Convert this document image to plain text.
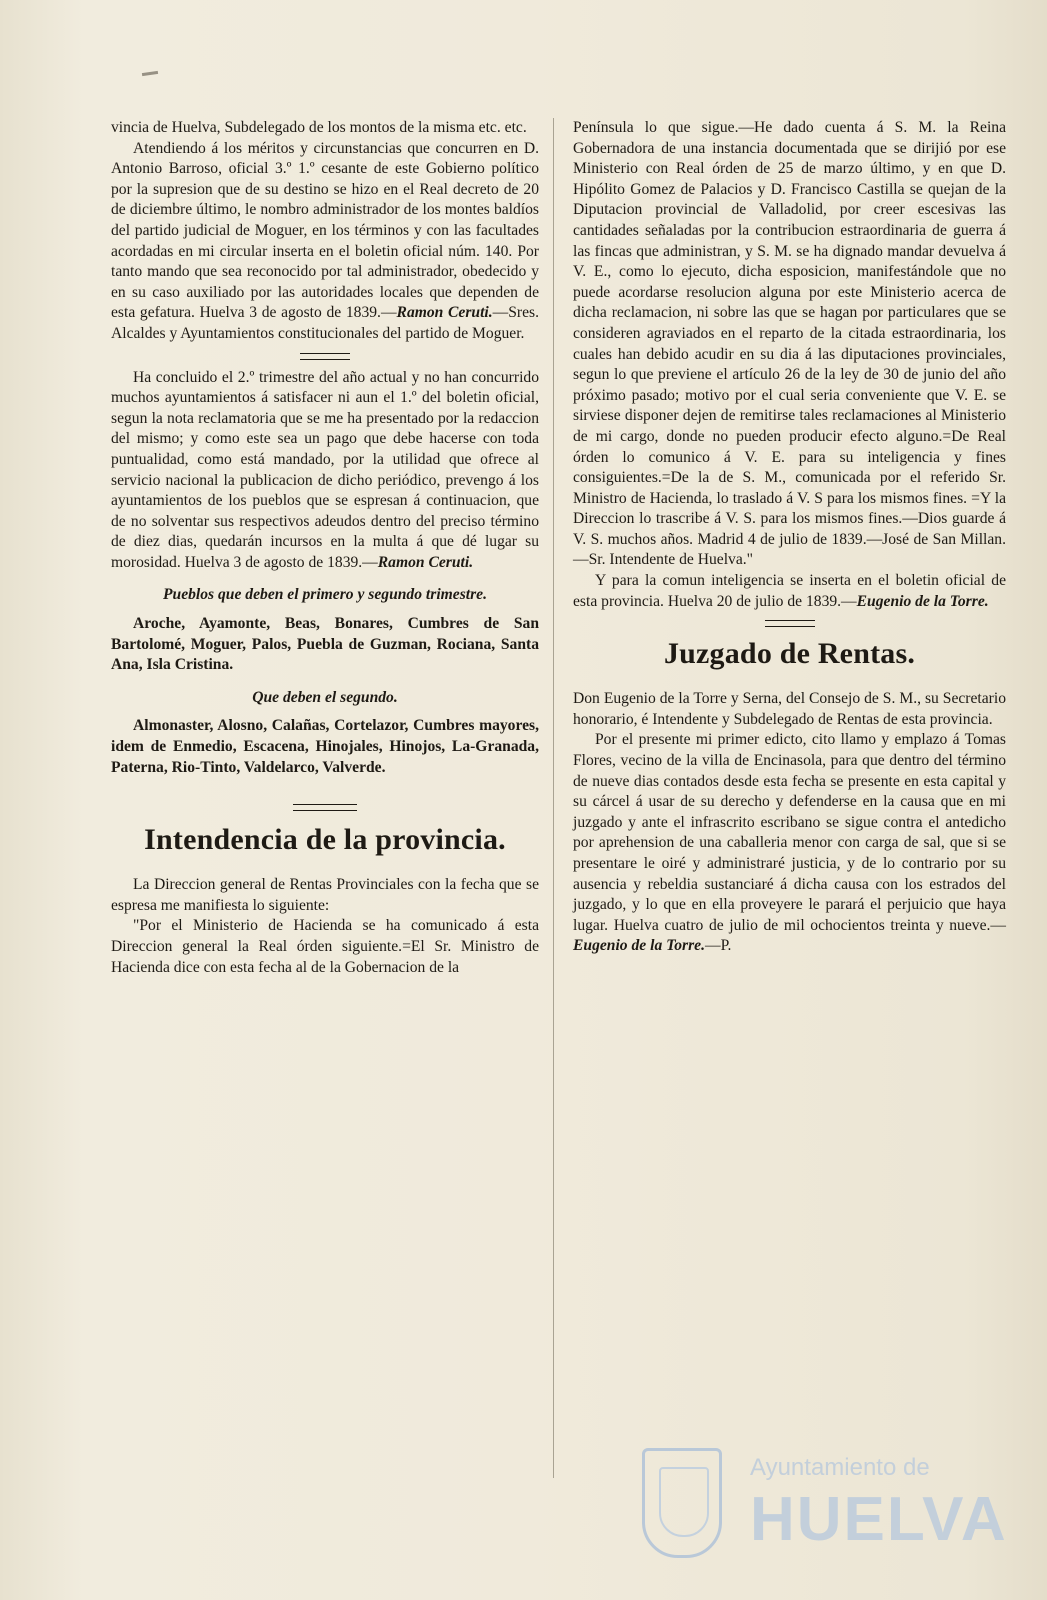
vincia de Huelva, Subdelegado de los montos de la misma etc. etc.

Atendiendo á los méritos y circunstancias que concurren en D. Antonio Barroso, oficial 3.º 1.º cesante de este Gobierno político por la supresion que de su destino se hizo en el Real decreto de 20 de diciembre último, le nombro administrador de los montes baldíos del partido judicial de Moguer, en los términos y con las facultades acordadas en mi circular inserta en el boletin oficial núm. 140. Por tanto mando que sea reconocido por tal administrador, obedecido y en su caso auxiliado por las autoridades locales que dependen de esta gefatura. Huelva 3 de agosto de 1839.—Ramon Ceruti.—Sres. Alcaldes y Ayuntamientos constitucionales del partido de Moguer.

Ha concluido el 2.º trimestre del año actual y no han concurrido muchos ayuntamientos á satisfacer ni aun el 1.º del boletin oficial, segun la nota reclamatoria que se me ha presentado por la redaccion del mismo; y como este sea un pago que debe hacerse con toda puntualidad, como está mandado, por la utilidad que ofrece al servicio nacional la publicacion de dicho periódico, prevengo á los ayuntamientos de los pueblos que se espresan á continuacion, que de no solventar sus respectivos adeudos dentro del preciso término de diez dias, quedarán incursos en la multa á que dé lugar su morosidad. Huelva 3 de agosto de 1839.—Ramon Ceruti.

Pueblos que deben el primero y segundo trimestre.

Aroche, Ayamonte, Beas, Bonares, Cumbres de San Bartolomé, Moguer, Palos, Puebla de Guzman, Rociana, Santa Ana, Isla Cristina.

Que deben el segundo.

Almonaster, Alosno, Calañas, Cortelazor, Cumbres mayores, idem de Enmedio, Escacena, Hinojales, Hinojos, La-Granada, Paterna, Rio-Tinto, Valdelarco, Valverde.

Intendencia de la provincia.

La Direccion general de Rentas Provinciales con la fecha que se espresa me manifiesta lo siguiente:

"Por el Ministerio de Hacienda se ha comunicado á esta Direccion general la Real órden siguiente.=El Sr. Ministro de Hacienda dice con esta fecha al de la Gobernacion de la

Península lo que sigue.—He dado cuenta á S. M. la Reina Gobernadora de una instancia documentada que se dirijió por ese Ministerio con Real órden de 25 de marzo último, y en que D. Hipólito Gomez de Palacios y D. Francisco Castilla se quejan de la Diputacion provincial de Valladolid, por creer escesivas las cantidades señaladas por la contribucion estraordinaria de guerra á las fincas que administran, y S. M. se ha dignado mandar devuelva á V. E., como lo ejecuto, dicha esposicion, manifestándole que no puede acordarse resolucion alguna por este Ministerio acerca de dicha reclamacion, ni sobre las que se hagan por particulares que se consideren agraviados en el reparto de la citada estraordinaria, los cuales han debido acudir en su dia á las diputaciones provinciales, segun lo que previene el artículo 26 de la ley de 30 de junio del año próximo pasado; motivo por el cual seria conveniente que V. E. se sirviese disponer dejen de remitirse tales reclamaciones al Ministerio de mi cargo, donde no pueden producir efecto alguno.=De Real órden lo comunico á V. E. para su inteligencia y fines consiguientes.=De la de S. M., comunicada por el referido Sr. Ministro de Hacienda, lo traslado á V. S para los mismos fines. =Y la Direccion lo trascribe á V. S. para los mismos fines.—Dios guarde á V. S. muchos años. Madrid 4 de julio de 1839.—José de San Millan.—Sr. Intendente de Huelva."

Y para la comun inteligencia se inserta en el boletin oficial de esta provincia. Huelva 20 de julio de 1839.—Eugenio de la Torre.

Juzgado de Rentas.

Don Eugenio de la Torre y Serna, del Consejo de S. M., su Secretario honorario, é Intendente y Subdelegado de Rentas de esta provincia.

Por el presente mi primer edicto, cito llamo y emplazo á Tomas Flores, vecino de la villa de Encinasola, para que dentro del término de nueve dias contados desde esta fecha se presente en esta capital y su cárcel á usar de su derecho y defenderse en la causa que en mi juzgado y ante el infrascrito escribano se sigue contra el antedicho por aprehension de una caballeria menor con carga de sal, que si se presentare le oiré y administraré justicia, y de lo contrario por su ausencia y rebeldia sustanciaré á dicha causa con los estrados del juzgado, y lo que en ella proveyere le parará el perjuicio que haya lugar. Huelva cuatro de julio de mil ochocientos treinta y nueve.—Eugenio de la Torre.—P.

Ayuntamiento de
HUELVA
